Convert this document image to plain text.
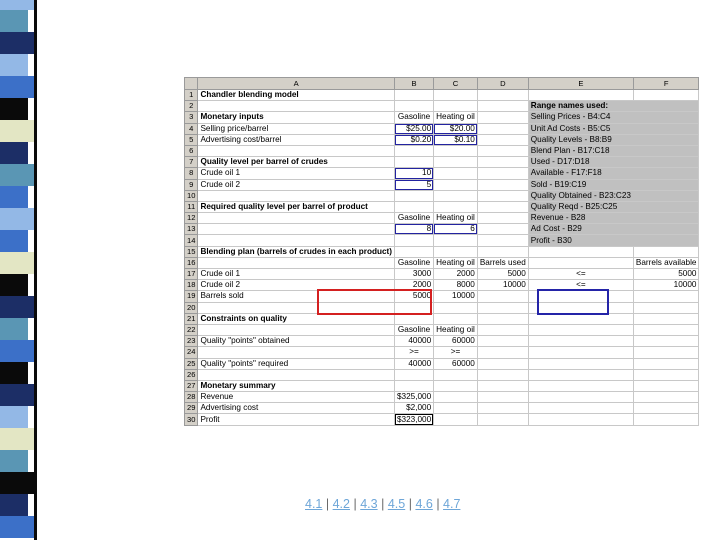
	A	B	C	D	E	F
1	Chandler blending model					
2					Range names used:	
3	Monetary inputs	Gasoline	Heating oil		Selling Prices - B4:C4	
4	Selling price/barrel	$25.00	$20.00		Unit Ad Costs - B5:C5	
5	Advertising cost/barrel	$0.20	$0.10		Quality Levels - B8:B9	
6					Blend Plan - B17:C18	
7	Quality level per barrel of crudes				Used - D17:D18	
8	Crude oil 1	10			Available - F17:F18	
9	Crude oil 2	5			Sold - B19:C19	
10					Quality Obtained - B23:C23	
11	Required quality level per barrel of product				Quality Reqd - B25:C25	
12		Gasoline	Heating oil		Revenue - B28	
13		8	6		Ad Cost - B29	
14					Profit - B30	
15	Blending plan (barrels of crudes in each product)					
16		Gasoline	Heating oil	Barrels used		Barrels available
17	Crude oil 1	3000	2000	5000	<=	5000
18	Crude oil 2	2000	8000	10000	<=	10000
19	Barrels sold	5000	10000			
20						
21	Constraints on quality					
22		Gasoline	Heating oil			
23	Quality "points" obtained	40000	60000			
24		>=	>=			
25	Quality "points" required	40000	60000			
26						
27	Monetary summary					
28	Revenue	$325,000				
29	Advertising cost	$2,000				
30	Profit	$323,000				
4.1 | 4.2 | 4.3 | 4.5 | 4.6 | 4.7
